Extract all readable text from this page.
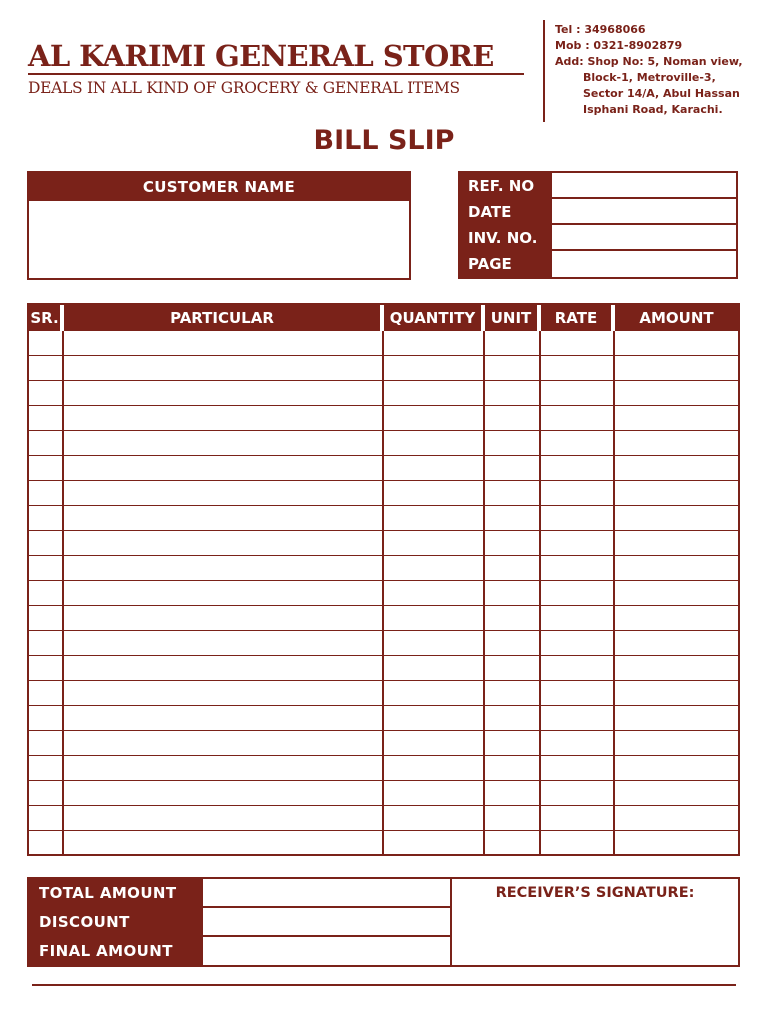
AL KARIMI GENERAL STORE
DEALS IN ALL KIND OF GROCERY & GENERAL ITEMS
Tel : 34968066
Mob : 0321-8902879
Add: Shop No: 5, Noman view,
Block-1, Metroville-3,
Sector 14/A, Abul Hassan
Isphani Road, Karachi.
BILL SLIP
CUSTOMER NAME	REF. NO
DATE
INV. NO.
PAGE
SR.	PARTICULAR	QUANTITY	UNIT	RATE	AMOUNT
TOTAL AMOUNT
DISCOUNT
FINAL AMOUNT
RECEIVER’S SIGNATURE:
